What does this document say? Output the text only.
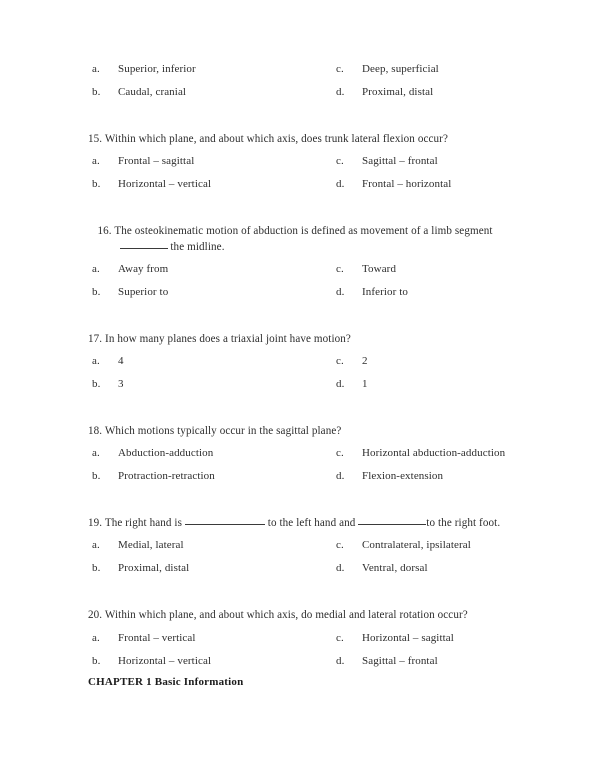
a. Superior, inferior	c. Deep, superficial
b. Caudal, cranial	d. Proximal, distal

15. Within which plane, and about which axis, does trunk lateral flexion occur?

a. Frontal – sagittal	c. Sagittal – frontal
b. Horizontal – vertical	d. Frontal – horizontal

16. The osteokinematic motion of abduction is defined as movement of a limb segment
the midline.

a. Away from	c. Toward
b. Superior to	d. Inferior to

17. In how many planes does a triaxial joint have motion?

a. 4	c. 2
b. 3	d. 1

18. Which motions typically occur in the sagittal plane?

a. Abduction-adduction	c. Horizontal abduction-adduction
b. Protraction-retraction	d. Flexion-extension

19. The right hand is	to the left hand and	to the right foot.

a. Medial, lateral	c. Contralateral, ipsilateral
b. Proximal, distal	d. Ventral, dorsal

20. Within which plane, and about which axis, do medial and lateral rotation occur?

a. Frontal – vertical	c. Horizontal – sagittal
b. Horizontal – vertical	d. Sagittal – frontal
CHAPTER 1 Basic Information
